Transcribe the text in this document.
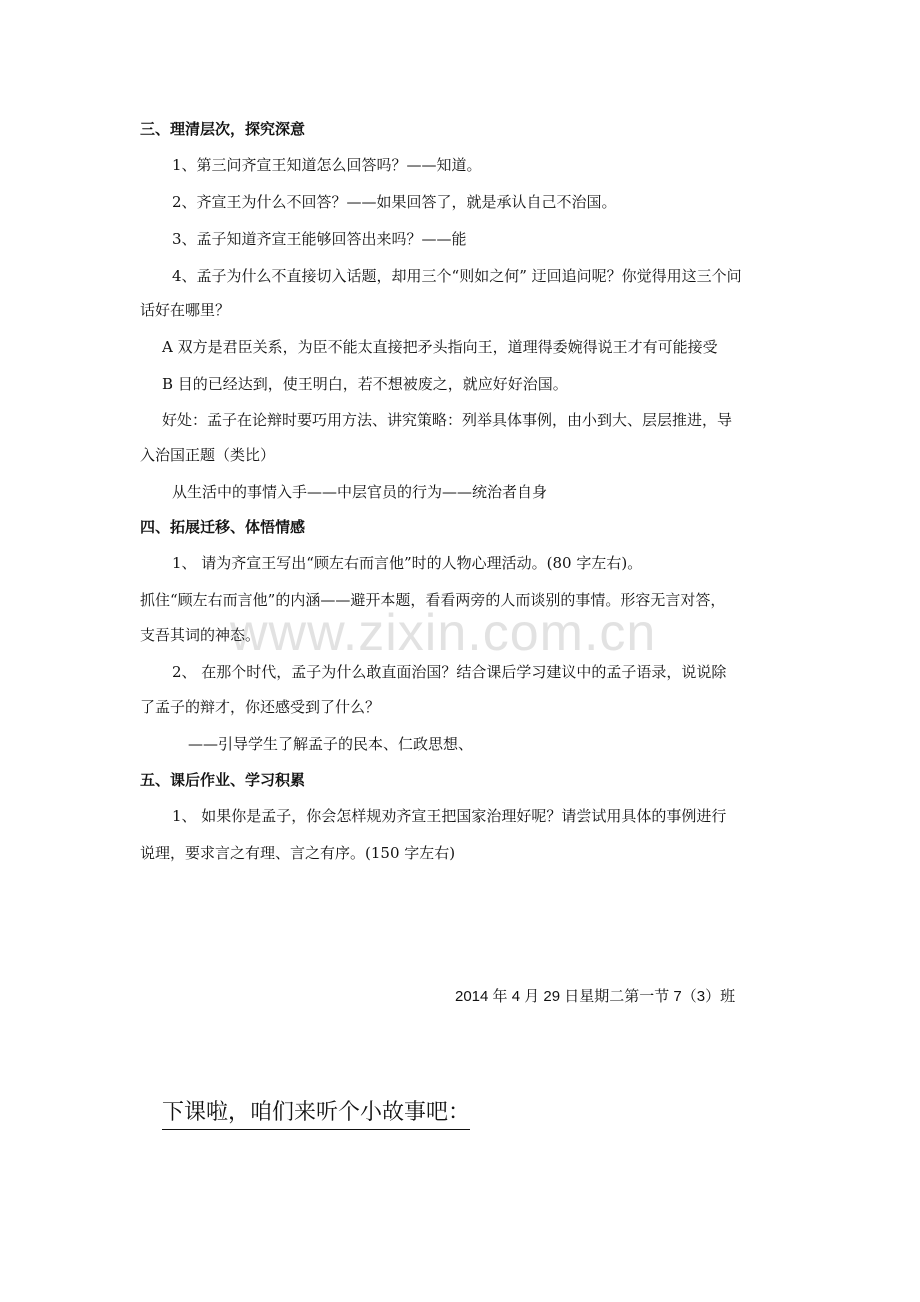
www.zixin.com.cn
三、理清层次，探究深意
1、第三问齐宣王知道怎么回答吗？——知道。
2、齐宣王为什么不回答？——如果回答了，就是承认自己不治国。
3、孟子知道齐宣王能够回答出来吗？——能
4、孟子为什么不直接切入话题，却用三个“则如之何” 迂回追问呢？你觉得用这三个问
话好在哪里？
A 双方是君臣关系，为臣不能太直接把矛头指向王，道理得委婉得说王才有可能接受
B 目的已经达到，使王明白，若不想被废之，就应好好治国。
好处：孟子在论辩时要巧用方法、讲究策略：列举具体事例，由小到大、层层推进，导
入治国正题（类比）
从生活中的事情入手——中层官员的行为——统治者自身
四、拓展迁移、体悟情感
1、 请为齐宣王写出“顾左右而言他”时的人物心理活动。(80 字左右)。
抓住“顾左右而言他”的内涵——避开本题，看看两旁的人而谈别的事情。形容无言对答，
支吾其词的神态。
2、 在那个时代，孟子为什么敢直面治国？结合课后学习建议中的孟子语录，说说除
了孟子的辩才，你还感受到了什么？
——引导学生了解孟子的民本、仁政思想、
五、课后作业、学习积累
1、 如果你是孟子，你会怎样规劝齐宣王把国家治理好呢？请尝试用具体的事例进行
说理，要求言之有理、言之有序。(150 字左右)
2014 年 4 月 29 日星期二第一节 7（3）班
下课啦，咱们来听个小故事吧：
